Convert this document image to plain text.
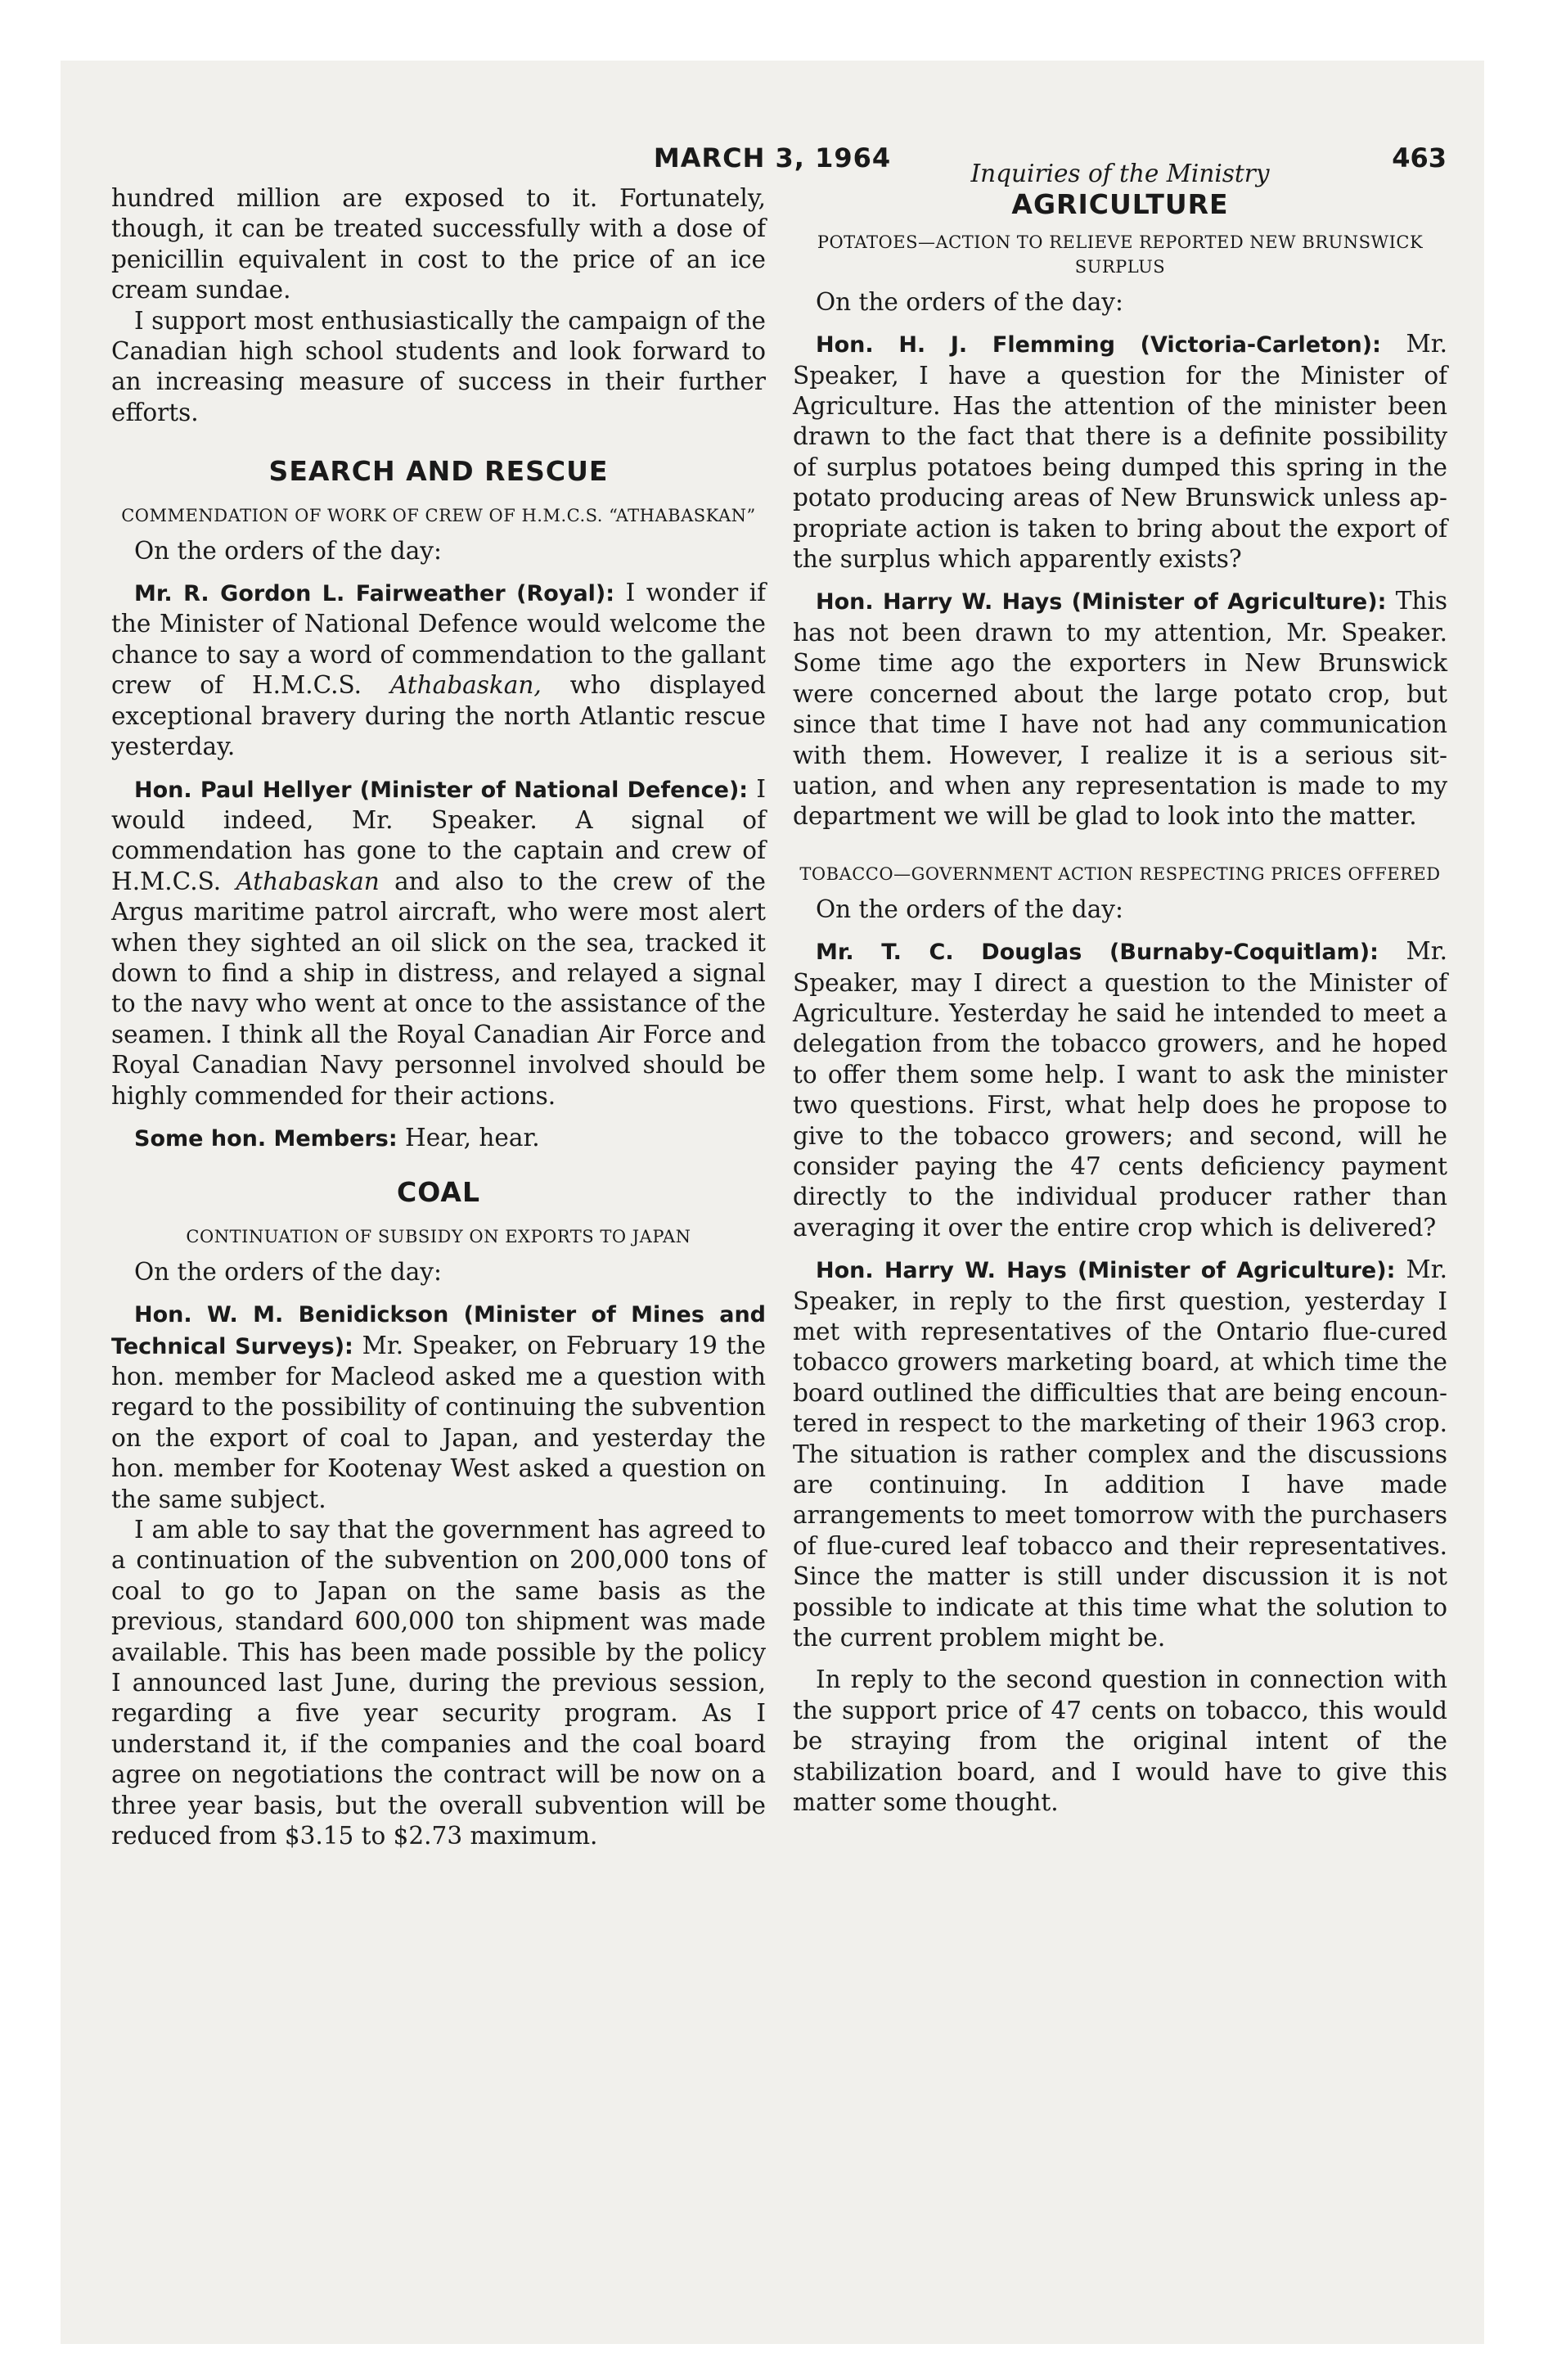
MARCH 3, 1964	463

hundred million are exposed to it. Fortunately, though, it can be treated successfully with a dose of penicillin equivalent in cost to the price of an ice cream sundae.

I support most enthusiastically the campaign of the Canadian high school students and look forward to an increasing measure of success in their further efforts.

SEARCH AND RESCUE
COMMENDATION OF WORK OF CREW OF H.M.C.S. “ATHABASKAN”

On the orders of the day:

Mr. R. Gordon L. Fairweather (Royal): I wonder if the Minister of National Defence would welcome the chance to say a word of commendation to the gallant crew of H.M.C.S. Athabaskan, who displayed exceptional bravery during the north Atlantic rescue yesterday.

Hon. Paul Hellyer (Minister of National Defence): I would indeed, Mr. Speaker. A signal of commendation has gone to the captain and crew of H.M.C.S. Athabaskan and also to the crew of the Argus maritime patrol aircraft, who were most alert when they sighted an oil slick on the sea, tracked it down to find a ship in distress, and relayed a signal to the navy who went at once to the assistance of the seamen. I think all the Royal Canadian Air Force and Royal Canadian Navy personnel involved should be highly commended for their actions.

Some hon. Members: Hear, hear.

COAL
CONTINUATION OF SUBSIDY ON EXPORTS TO JAPAN

On the orders of the day:

Hon. W. M. Benidickson (Minister of Mines and Technical Surveys): Mr. Speaker, on February 19 the hon. member for Macleod asked me a question with regard to the possibility of continuing the subvention on the export of coal to Japan, and yesterday the hon. member for Kootenay West asked a question on the same subject.

I am able to say that the government has agreed to a continuation of the subvention on 200,000 tons of coal to go to Japan on the same basis as the previous, standard 600,000 ton shipment was made available. This has been made possible by the policy I announced last June, during the previous session, regarding a five year security program. As I understand it, if the companies and the coal board agree on negotiations the contract will be now on a three year basis, but the overall subvention will be reduced from $3.15 to $2.73 maximum.

Inquiries of the Ministry

AGRICULTURE
POTATOES—ACTION TO RELIEVE REPORTED NEW BRUNSWICK SURPLUS

On the orders of the day:

Hon. H. J. Flemming (Victoria-Carleton): Mr. Speaker, I have a question for the Minister of Agriculture. Has the attention of the minister been drawn to the fact that there is a definite possibility of surplus potatoes being dumped this spring in the potato producing areas of New Brunswick unless appropriate action is taken to bring about the export of the surplus which apparently exists?

Hon. Harry W. Hays (Minister of Agriculture): This has not been drawn to my attention, Mr. Speaker. Some time ago the exporters in New Brunswick were concerned about the large potato crop, but since that time I have not had any communication with them. However, I realize it is a serious situation, and when any representation is made to my department we will be glad to look into the matter.

TOBACCO—GOVERNMENT ACTION RESPECTING PRICES OFFERED

On the orders of the day:

Mr. T. C. Douglas (Burnaby-Coquitlam): Mr. Speaker, may I direct a question to the Minister of Agriculture. Yesterday he said he intended to meet a delegation from the tobacco growers, and he hoped to offer them some help. I want to ask the minister two questions. First, what help does he propose to give to the tobacco growers; and second, will he consider paying the 47 cents deficiency payment directly to the individual producer rather than averaging it over the entire crop which is delivered?

Hon. Harry W. Hays (Minister of Agriculture): Mr. Speaker, in reply to the first question, yesterday I met with representatives of the Ontario flue-cured tobacco growers marketing board, at which time the board outlined the difficulties that are being encountered in respect to the marketing of their 1963 crop. The situation is rather complex and the discussions are continuing. In addition I have made arrangements to meet tomorrow with the purchasers of flue-cured leaf tobacco and their representatives. Since the matter is still under discussion it is not possible to indicate at this time what the solution to the current problem might be.

In reply to the second question in connection with the support price of 47 cents on tobacco, this would be straying from the original intent of the stabilization board, and I would have to give this matter some thought.
